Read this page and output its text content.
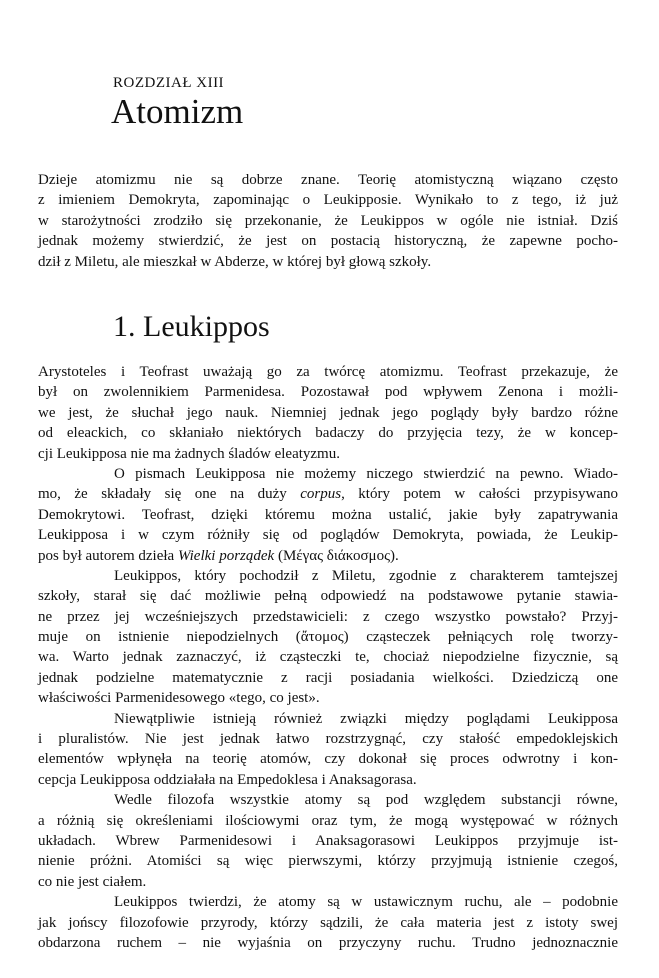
ROZDZIAŁ XIII
Atomizm
Dzieje atomizmu nie są dobrze znane. Teorię atomistyczną wiązano często
z imieniem Demokryta, zapominając o Leukipposie. Wynikało to z tego, iż już
w starożytności zrodziło się przekonanie, że Leukippos w ogóle nie istniał. Dziś
jednak możemy stwierdzić, że jest on postacią historyczną, że zapewne pocho-
dził z Miletu, ale mieszkał w Abderze, w której był głową szkoły.
1. Leukippos
Arystoteles i Teofrast uważają go za twórcę atomizmu. Teofrast przekazuje, że
był on zwolennikiem Parmenidesa. Pozostawał pod wpływem Zenona i możli-
we jest, że słuchał jego nauk. Niemniej jednak jego poglądy były bardzo różne
od eleackich, co skłaniało niektórych badaczy do przyjęcia tezy, że w koncep-
cji Leukipposa nie ma żadnych śladów eleatyzmu.
O pismach Leukipposa nie możemy niczego stwierdzić na pewno. Wiado-
mo, że składały się one na duży corpus, który potem w całości przypisywano
Demokrytowi. Teofrast, dzięki któremu można ustalić, jakie były zapatrywania
Leukipposa i w czym różniły się od poglądów Demokryta, powiada, że Leukip-
pos był autorem dzieła Wielki porządek (Μέγας διάκοσμος).
Leukippos, który pochodził z Miletu, zgodnie z charakterem tamtejszej
szkoły, starał się dać możliwie pełną odpowiedź na podstawowe pytanie stawia-
ne przez jej wcześniejszych przedstawicieli: z czego wszystko powstało? Przyj-
muje on istnienie niepodzielnych (ἄτομος) cząsteczek pełniących rolę tworzy-
wa. Warto jednak zaznaczyć, iż cząsteczki te, chociaż niepodzielne fizycznie, są
jednak podzielne matematycznie z racji posiadania wielkości. Dziedziczą one
właściwości Parmenidesowego «tego, co jest».
Niewątpliwie istnieją również związki między poglądami Leukipposa
i pluralistów. Nie jest jednak łatwo rozstrzygnąć, czy stałość empedoklejskich
elementów wpłynęła na teorię atomów, czy dokonał się proces odwrotny i kon-
cepcja Leukipposa oddziałała na Empedoklesa i Anaksagorasa.
Wedle filozofa wszystkie atomy są pod względem substancji równe,
a różnią się określeniami ilościowymi oraz tym, że mogą występować w różnych
układach. Wbrew Parmenidesowi i Anaksagorasowi Leukippos przyjmuje ist-
nienie próżni. Atomiści są więc pierwszymi, którzy przyjmują istnienie czegoś,
co nie jest ciałem.
Leukippos twierdzi, że atomy są w ustawicznym ruchu, ale – podobnie
jak jońscy filozofowie przyrody, którzy sądzili, że cała materia jest z istoty swej
obdarzona ruchem – nie wyjaśnia on przyczyny ruchu. Trudno jednoznacznie
